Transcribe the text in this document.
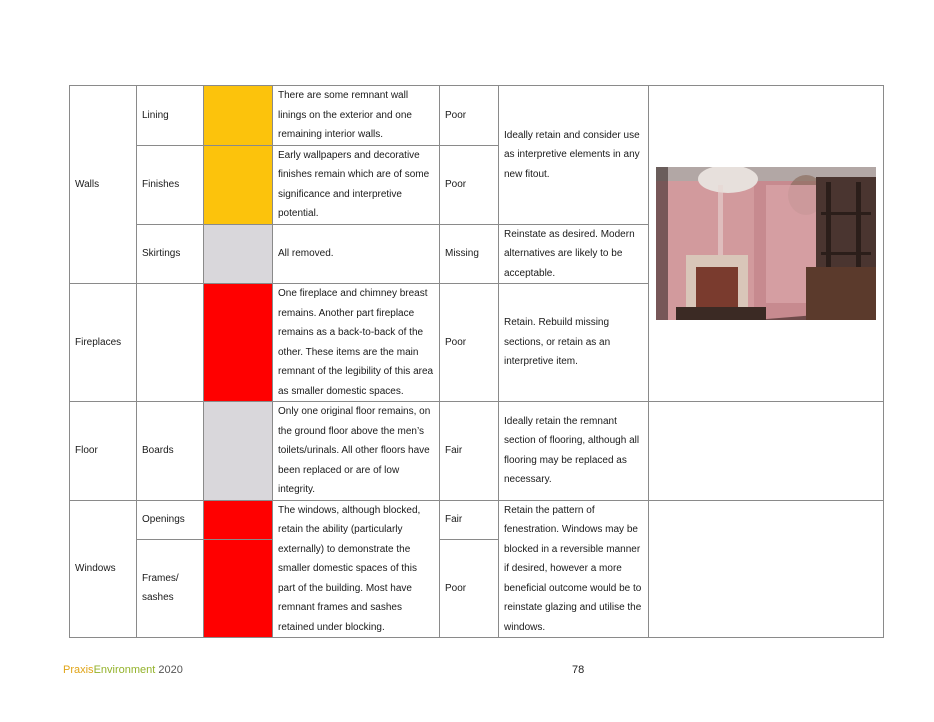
Walls	Lining		There are some remnant wall linings on the exterior and one remaining interior walls.	Poor	Ideally retain and consider use as interpretive elements in any new fitout.	

	Finishes		Early wallpapers and decorative finishes remain which are of some significance and interpretive potential.	Poor		
	Skirtings		All removed.	Missing	Reinstate as desired. Modern alternatives are likely to be acceptable.	
Fireplaces			One fireplace and chimney breast remains. Another part fireplace remains as a back-to-back of the other. These items are the main remnant of the legibility of this area as smaller domestic spaces.	Poor	Retain. Rebuild missing sections, or retain as an interpretive item.	
Floor	Boards		Only one original floor remains, on the ground floor above the men’s toilets/urinals. All other floors have been replaced or are of low integrity.	Fair	Ideally retain the remnant section of flooring, although all flooring may be replaced as necessary.	
Windows	Openings		The windows, although blocked, retain the ability (particularly externally) to demonstrate the smaller domestic spaces of this part of the building. Most have remnant frames and sashes retained under blocking.	Fair	Retain the pattern of fenestration. Windows may be blocked in a reversible manner if desired, however a more beneficial outcome would be to reinstate glazing and utilise the windows.	
	Frames/ sashes			Poor		
PraxisEnvironment 2020	78
